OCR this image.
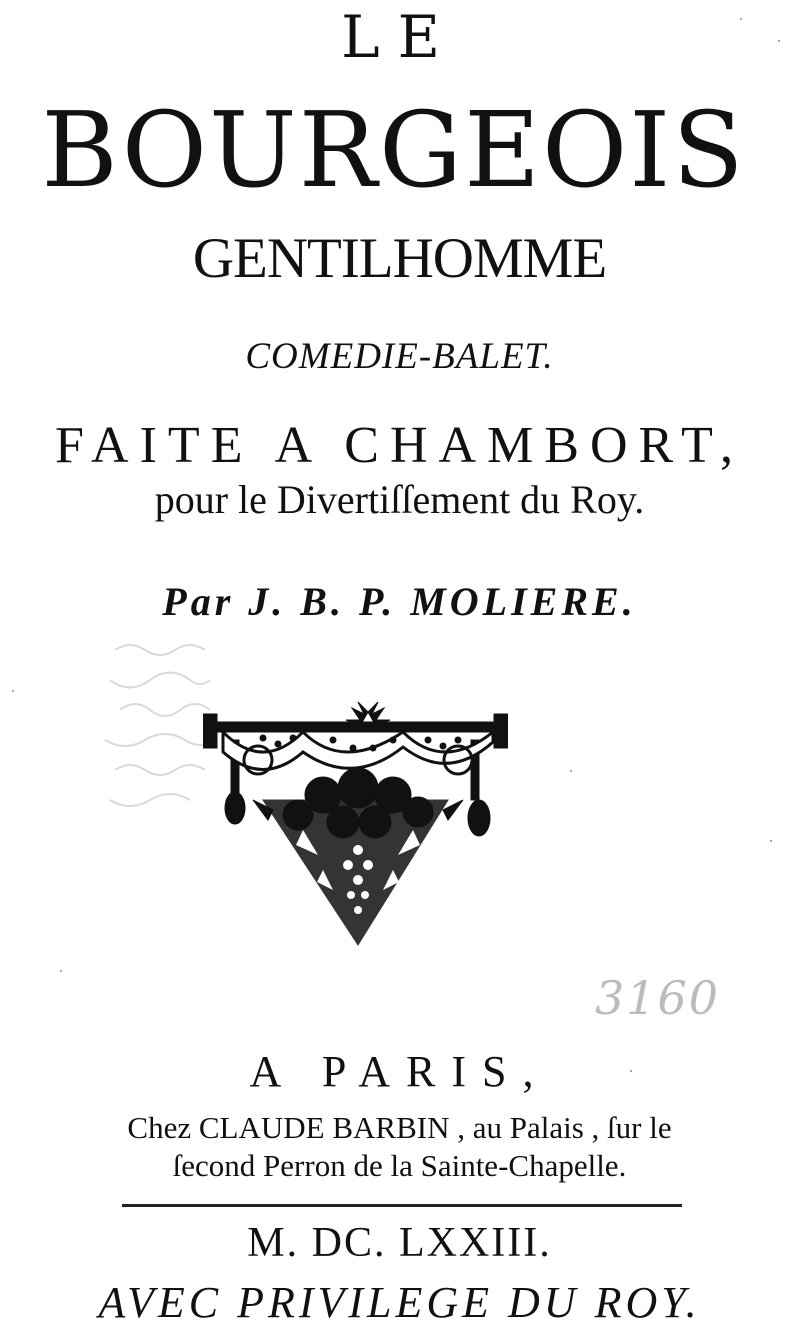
LE
BOURGEOIS
GENTILHOMME
COMEDIE-BALET.
FAITE A CHAMBORT,
pour le Divertiſſement du Roy.
Par J. B. P. MOLIERE.
3160
A PARIS,
Chez CLAUDE BARBIN , au Palais , ſur le
ſecond Perron de la Sainte-Chapelle.
M. DC. LXXIII.
AVEC PRIVILEGE DU ROY.
